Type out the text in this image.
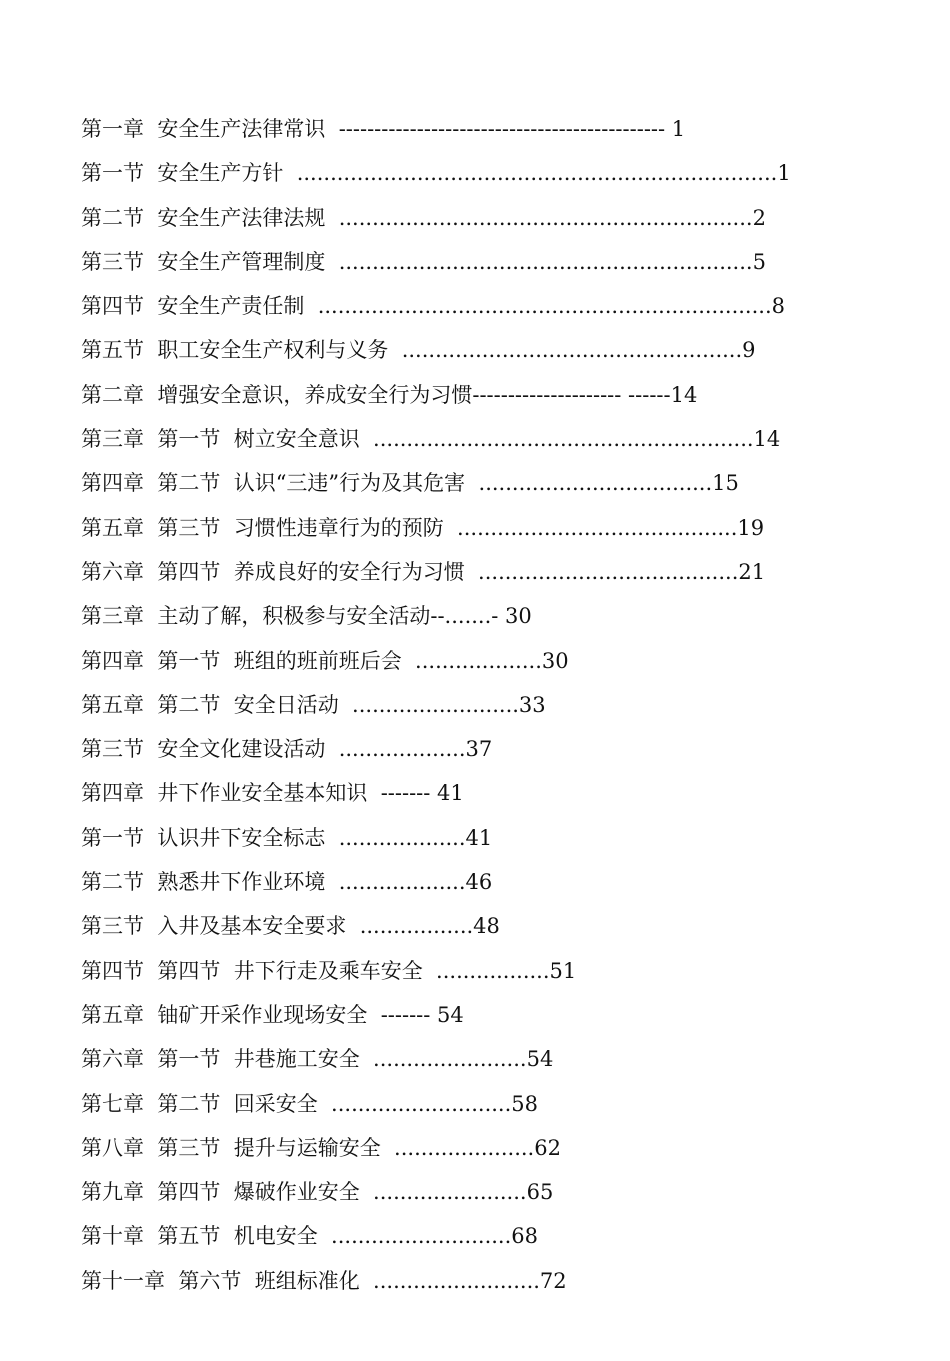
第一章  安全生产法律常识  ---------------------------------------------- 1
第一节  安全生产方针  ........................................................................1
第二节  安全生产法律法规  ..............................................................2
第三节  安全生产管理制度  ..............................................................5
第四节  安全生产责任制  ....................................................................8
第五节  职工安全生产权利与义务  ...................................................9
第二章  增强安全意识，养成安全行为习惯--------------------- ------14
第三章  第一节  树立安全意识  .........................................................14
第四章  第二节  认识“三违”行为及其危害  ...................................15
第五章  第三节  习惯性违章行为的预防  ..........................................19
第六章  第四节  养成良好的安全行为习惯  .......................................21
第三章  主动了解，积极参与安全活动--.......- 30
第四章  第一节  班组的班前班后会  ...................30
第五章  第二节  安全日活动  .........................33
第三节  安全文化建设活动  ...................37
第四章  井下作业安全基本知识  ------- 41
第一节  认识井下安全标志  ...................41
第二节  熟悉井下作业环境  ...................46
第三节  入井及基本安全要求  .................48
第四节  第四节  井下行走及乘车安全  .................51
第五章  铀矿开采作业现场安全  ------- 54
第六章  第一节  井巷施工安全  .......................54
第七章  第二节  回采安全  ...........................58
第八章  第三节  提升与运输安全  .....................62
第九章  第四节  爆破作业安全  .......................65
第十章  第五节  机电安全  ...........................68
第十一章  第六节  班组标准化  .........................72
